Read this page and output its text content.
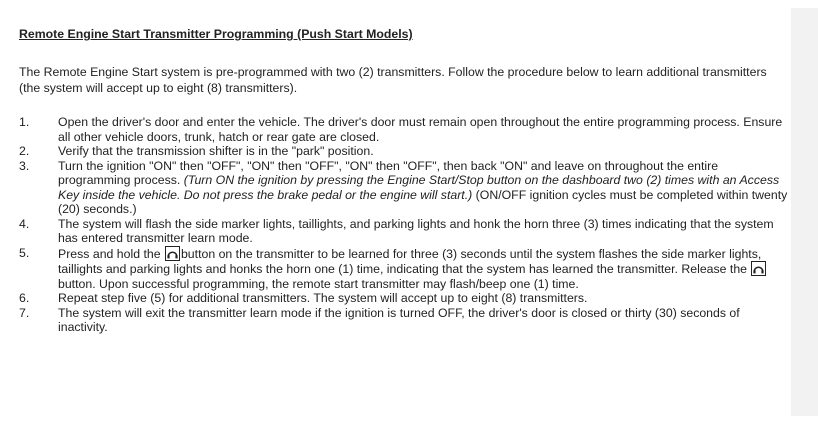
Remote Engine Start Transmitter Programming (Push Start Models)
The Remote Engine Start system is pre-programmed with two (2) transmitters. Follow the procedure below to learn additional transmitters (the system will accept up to eight (8) transmitters).
1.	Open the driver's door and enter the vehicle. The driver's door must remain open throughout the entire programming process. Ensure all other vehicle doors, trunk, hatch or rear gate are closed.
2.	Verify that the transmission shifter is in the "park" position.
3.	Turn the ignition "ON" then "OFF", "ON" then "OFF", "ON" then "OFF", then back "ON" and leave on throughout the entire programming process. (Turn ON the ignition by pressing the Engine Start/Stop button on the dashboard two (2) times with an Access Key inside the vehicle. Do not press the brake pedal or the engine will start.) (ON/OFF ignition cycles must be completed within twenty (20) seconds.)
4.	The system will flash the side marker lights, taillights, and parking lights and honk the horn three (3) times indicating that the system has entered transmitter learn mode.
5.	Press and hold the button on the transmitter to be learned for three (3) seconds until the system flashes the side marker lights, taillights and parking lights and honks the horn one (1) time, indicating that the system has learned the transmitter. Release the
button. Upon successful programming, the remote start transmitter may flash/beep one (1) time.
6.	Repeat step five (5) for additional transmitters. The system will accept up to eight (8) transmitters.
7.	The system will exit the transmitter learn mode if the ignition is turned OFF, the driver's door is closed or thirty (30) seconds of inactivity.
